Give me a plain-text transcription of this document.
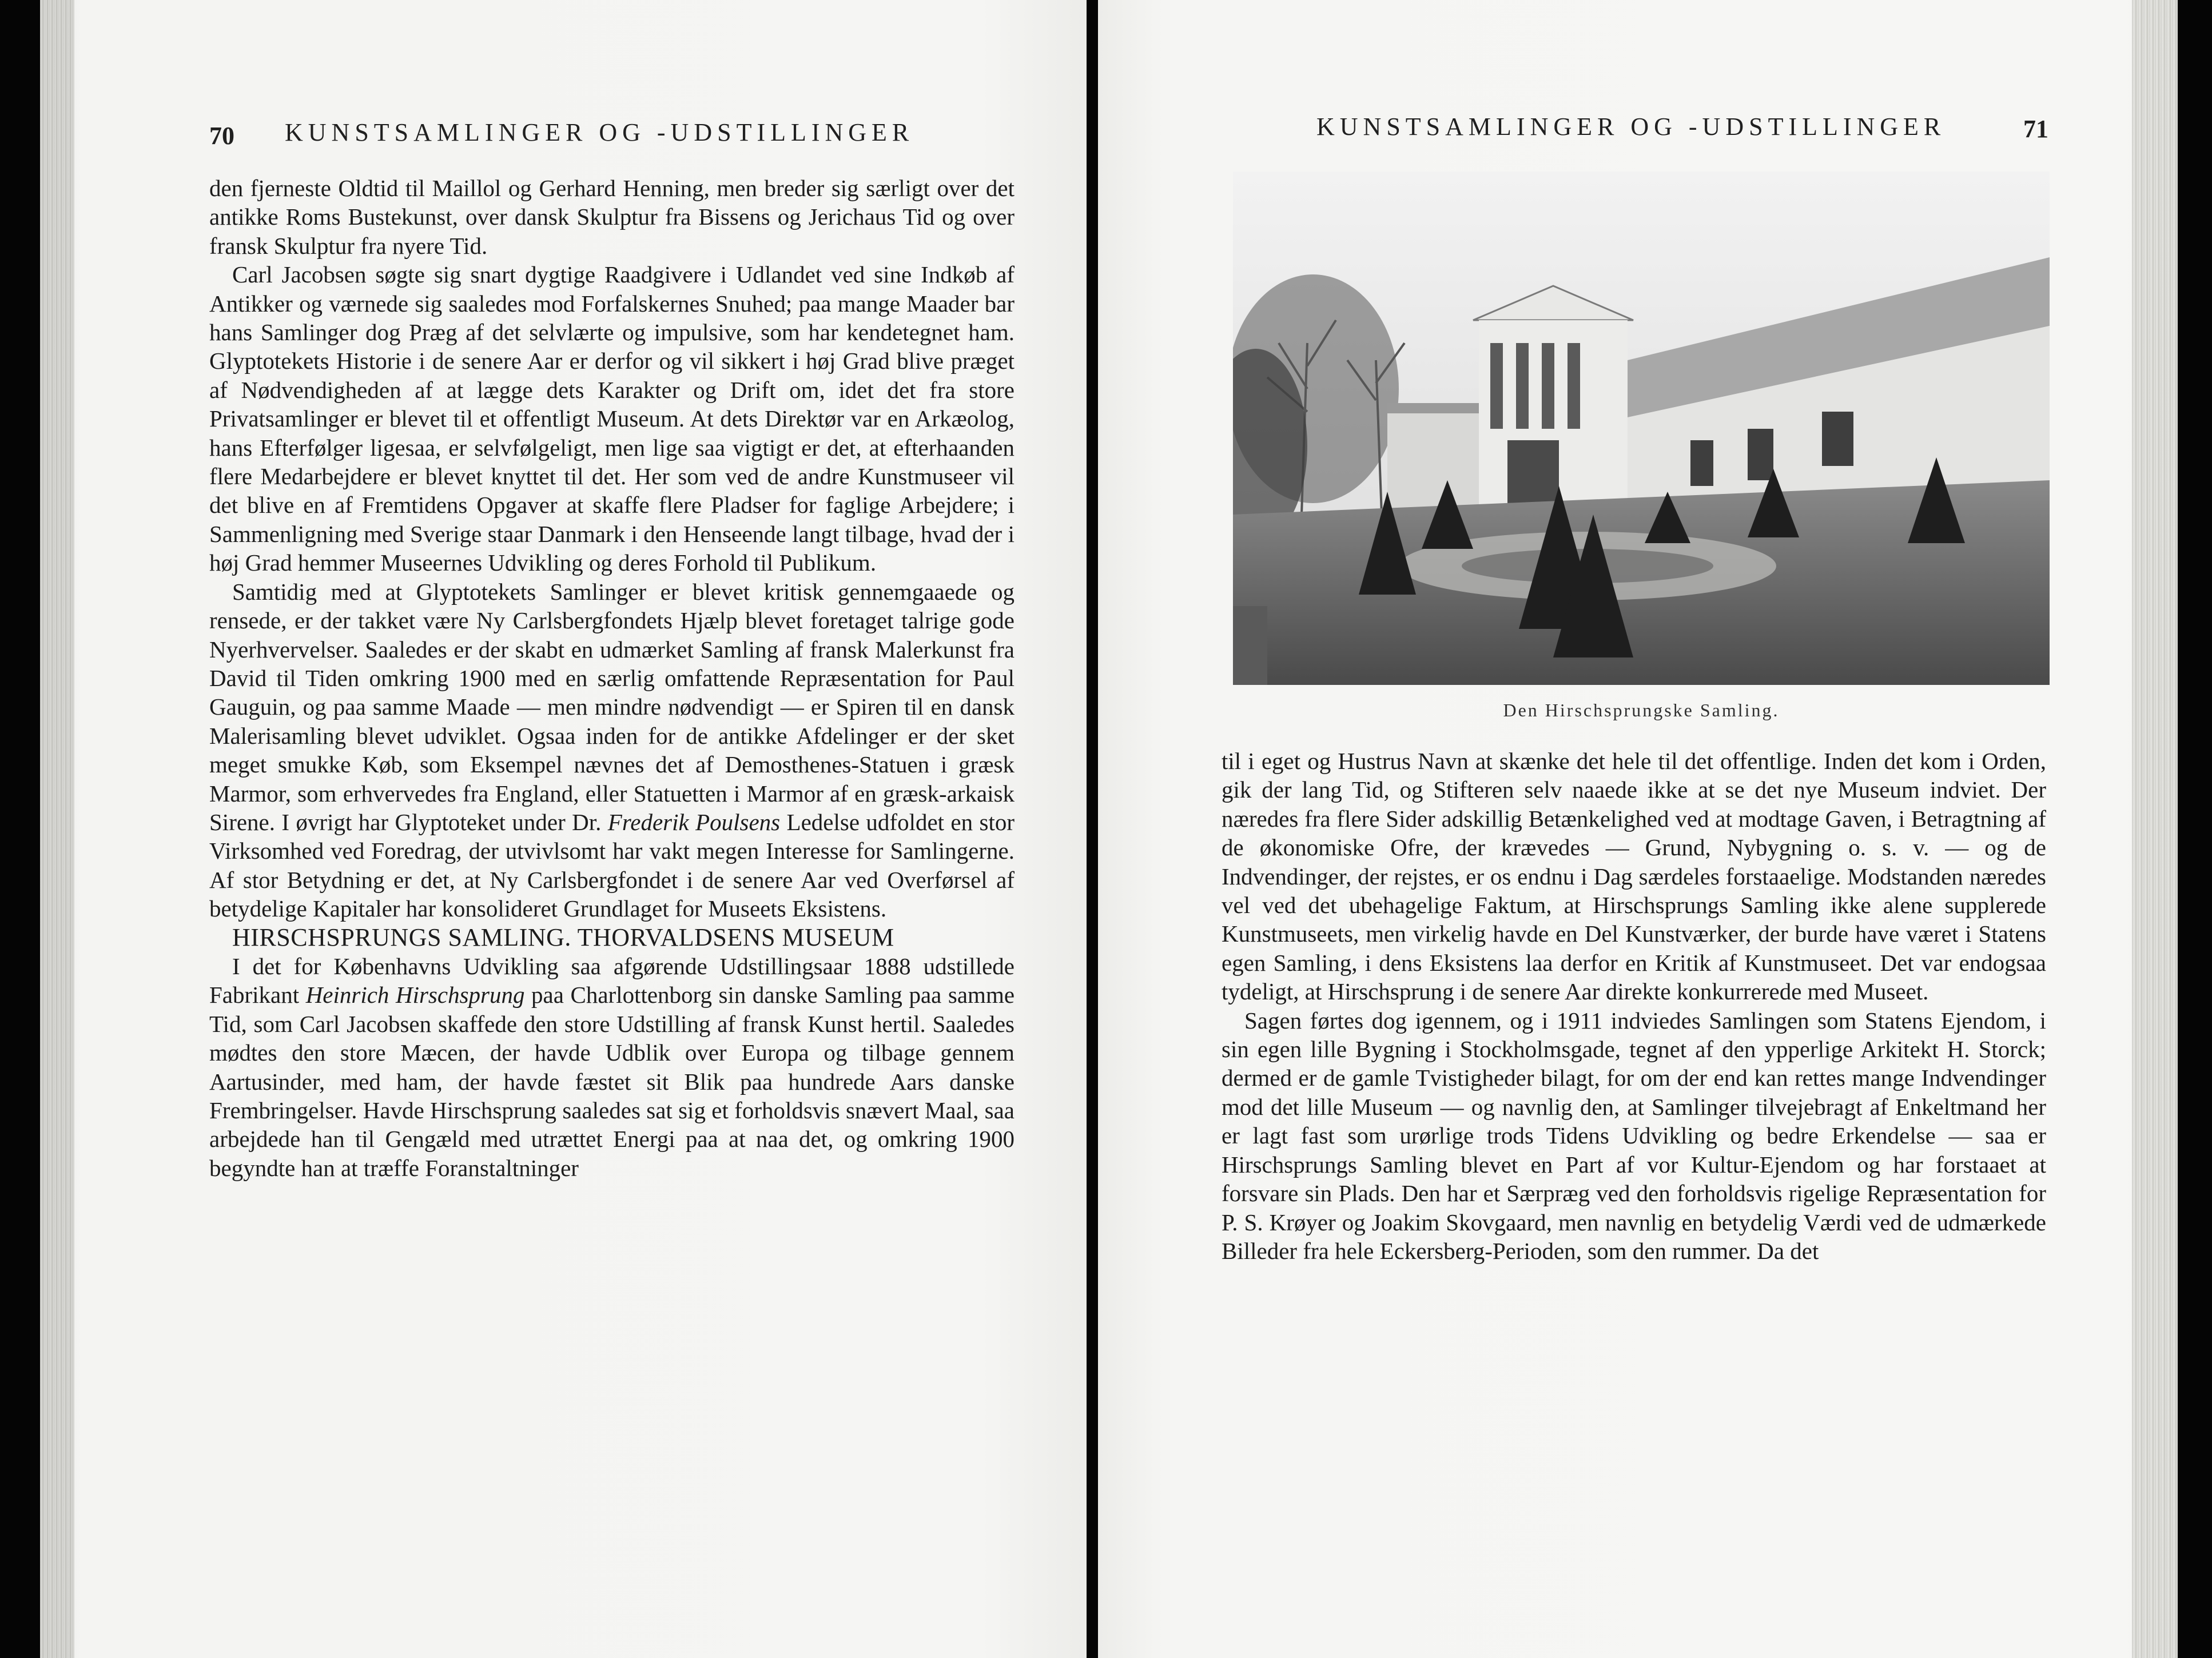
70 KUNSTSAMLINGER OG -UDSTILLINGER

den fjerneste Oldtid til Maillol og Gerhard Henning, men breder sig særligt over det antikke Roms Bustekunst, over dansk Skulptur fra Bissens og Jerichaus Tid og over fransk Skulptur fra nyere Tid.

Carl Jacobsen søgte sig snart dygtige Raadgivere i Udlandet ved sine Indkøb af Antikker og værnede sig saaledes mod Forfalskernes Snuhed; paa mange Maader bar hans Samlinger dog Præg af det selvlærte og impulsive, som har kendetegnet ham. Glyptotekets Historie i de senere Aar er derfor og vil sikkert i høj Grad blive præget af Nødvendigheden af at lægge dets Karakter og Drift om, idet det fra store Privatsamlinger er blevet til et offentligt Museum. At dets Direktør var en Arkæolog, hans Efterfølger ligesaa, er selvfølgeligt, men lige saa vigtigt er det, at efterhaanden flere Medarbejdere er blevet knyttet til det. Her som ved de andre Kunstmuseer vil det blive en af Fremtidens Opgaver at skaffe flere Pladser for faglige Arbejdere; i Sammenligning med Sverige staar Danmark i den Henseende langt tilbage, hvad der i høj Grad hemmer Museernes Udvikling og deres Forhold til Publikum.

Samtidig med at Glyptotekets Samlinger er blevet kritisk gennemgaaede og rensede, er der takket være Ny Carlsbergfondets Hjælp blevet foretaget talrige gode Nyerhvervelser. Saaledes er der skabt en udmærket Samling af fransk Malerkunst fra David til Tiden omkring 1900 med en særlig omfattende Repræsentation for Paul Gauguin, og paa samme Maade — men mindre nødvendigt — er Spiren til en dansk Malerisamling blevet udviklet. Ogsaa inden for de antikke Afdelinger er der sket meget smukke Køb, som Eksempel nævnes det af Demosthenes-Statuen i græsk Marmor, som erhvervedes fra England, eller Statuetten i Marmor af en græsk-arkaisk Sirene. I øvrigt har Glyptoteket under Dr. Frederik Poulsens Ledelse udfoldet en stor Virksomhed ved Foredrag, der utvivlsomt har vakt megen Interesse for Samlingerne. Af stor Betydning er det, at Ny Carlsbergfondet i de senere Aar ved Overførsel af betydelige Kapitaler har konsolideret Grundlaget for Museets Eksistens.

HIRSCHSPRUNGS SAMLING. THORVALDSENS MUSEUM

I det for Københavns Udvikling saa afgørende Udstillingsaar 1888 udstillede Fabrikant Heinrich Hirschsprung paa Charlottenborg sin danske Samling paa samme Tid, som Carl Jacobsen skaffede den store Udstilling af fransk Kunst hertil. Saaledes mødtes den store Mæcen, der havde Udblik over Europa og tilbage gennem Aartusinder, med ham, der havde fæstet sit Blik paa hundrede Aars danske Frembringelser. Havde Hirschsprung saaledes sat sig et forholdsvis snævert Maal, saa arbejdede han til Gengæld med utrættet Energi paa at naa det, og omkring 1900 begyndte han at træffe Foranstaltninger

KUNSTSAMLINGER OG -UDSTILLINGER	71
Den Hirschsprungske Samling.

til i eget og Hustrus Navn at skænke det hele til det offentlige. Inden det kom i Orden, gik der lang Tid, og Stifteren selv naaede ikke at se det nye Museum indviet. Der næredes fra flere Sider adskillig Betænkelighed ved at modtage Gaven, i Betragtning af de økonomiske Ofre, der krævedes — Grund, Nybygning o. s. v. — og de Indvendinger, der rejstes, er os endnu i Dag særdeles forstaaelige. Modstanden næredes vel ved det ubehagelige Faktum, at Hirschsprungs Samling ikke alene supplerede Kunstmuseets, men virkelig havde en Del Kunstværker, der burde have været i Statens egen Samling, i dens Eksistens laa derfor en Kritik af Kunstmuseet. Det var endogsaa tydeligt, at Hirschsprung i de senere Aar direkte konkurrerede med Museet.

Sagen førtes dog igennem, og i 1911 indviedes Samlingen som Statens Ejendom, i sin egen lille Bygning i Stockholmsgade, tegnet af den ypperlige Arkitekt H. Storck; dermed er de gamle Tvistigheder bilagt, for om der end kan rettes mange Indvendinger mod det lille Museum — og navnlig den, at Samlinger tilvejebragt af Enkeltmand her er lagt fast som urørlige trods Tidens Udvikling og bedre Erkendelse — saa er Hirschsprungs Samling blevet en Part af vor Kultur-Ejendom og har forstaaet at forsvare sin Plads. Den har et Særpræg ved den forholdsvis rigelige Repræsentation for P. S. Krøyer og Joakim Skovgaard, men navnlig en betydelig Værdi ved de udmærkede Billeder fra hele Eckersberg-Perioden, som den rummer. Da det
